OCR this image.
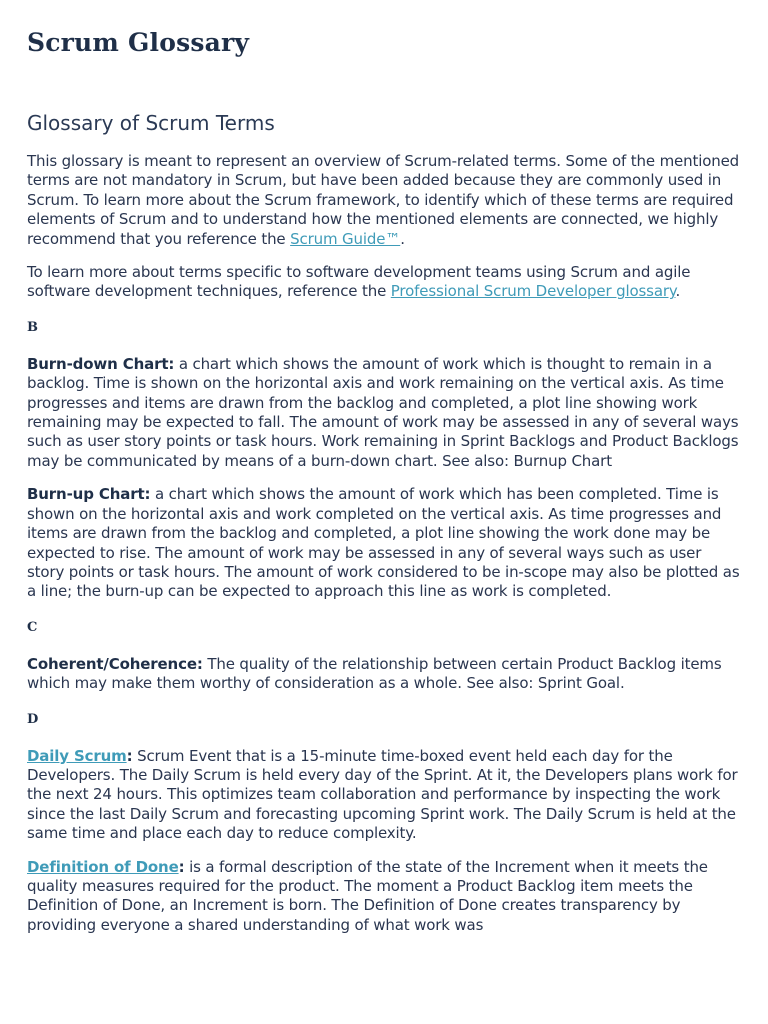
Scrum Glossary
Glossary of Scrum Terms

This glossary is meant to represent an overview of Scrum-related terms. Some of the mentioned terms are not mandatory in Scrum, but have been added because they are commonly used in Scrum. To learn more about the Scrum framework, to identify which of these terms are required elements of Scrum and to understand how the mentioned elements are connected, we highly recommend that you reference the Scrum Guide™.

To learn more about terms specific to software development teams using Scrum and agile software development techniques, reference the Professional Scrum Developer glossary.

B

Burn-down Chart: a chart which shows the amount of work which is thought to remain in a backlog. Time is shown on the horizontal axis and work remaining on the vertical axis. As time progresses and items are drawn from the backlog and completed, a plot line showing work remaining may be expected to fall. The amount of work may be assessed in any of several ways such as user story points or task hours. Work remaining in Sprint Backlogs and Product Backlogs may be communicated by means of a burn-down chart. See also: Burnup Chart

Burn-up Chart: a chart which shows the amount of work which has been completed. Time is shown on the horizontal axis and work completed on the vertical axis. As time progresses and items are drawn from the backlog and completed, a plot line showing the work done may be expected to rise. The amount of work may be assessed in any of several ways such as user story points or task hours. The amount of work considered to be in-scope may also be plotted as a line; the burn-up can be expected to approach this line as work is completed.

C

Coherent/Coherence: The quality of the relationship between certain Product Backlog items which may make them worthy of consideration as a whole. See also: Sprint Goal.

D

Daily Scrum: Scrum Event that is a 15-minute time-boxed event held each day for the Developers. The Daily Scrum is held every day of the Sprint. At it, the Developers plans work for the next 24 hours. This optimizes team collaboration and performance by inspecting the work since the last Daily Scrum and forecasting upcoming Sprint work. The Daily Scrum is held at the same time and place each day to reduce complexity.

Definition of Done: is a formal description of the state of the Increment when it meets the quality measures required for the product. The moment a Product Backlog item meets the Definition of Done, an Increment is born. The Definition of Done creates transparency by providing everyone a shared understanding of what work was
